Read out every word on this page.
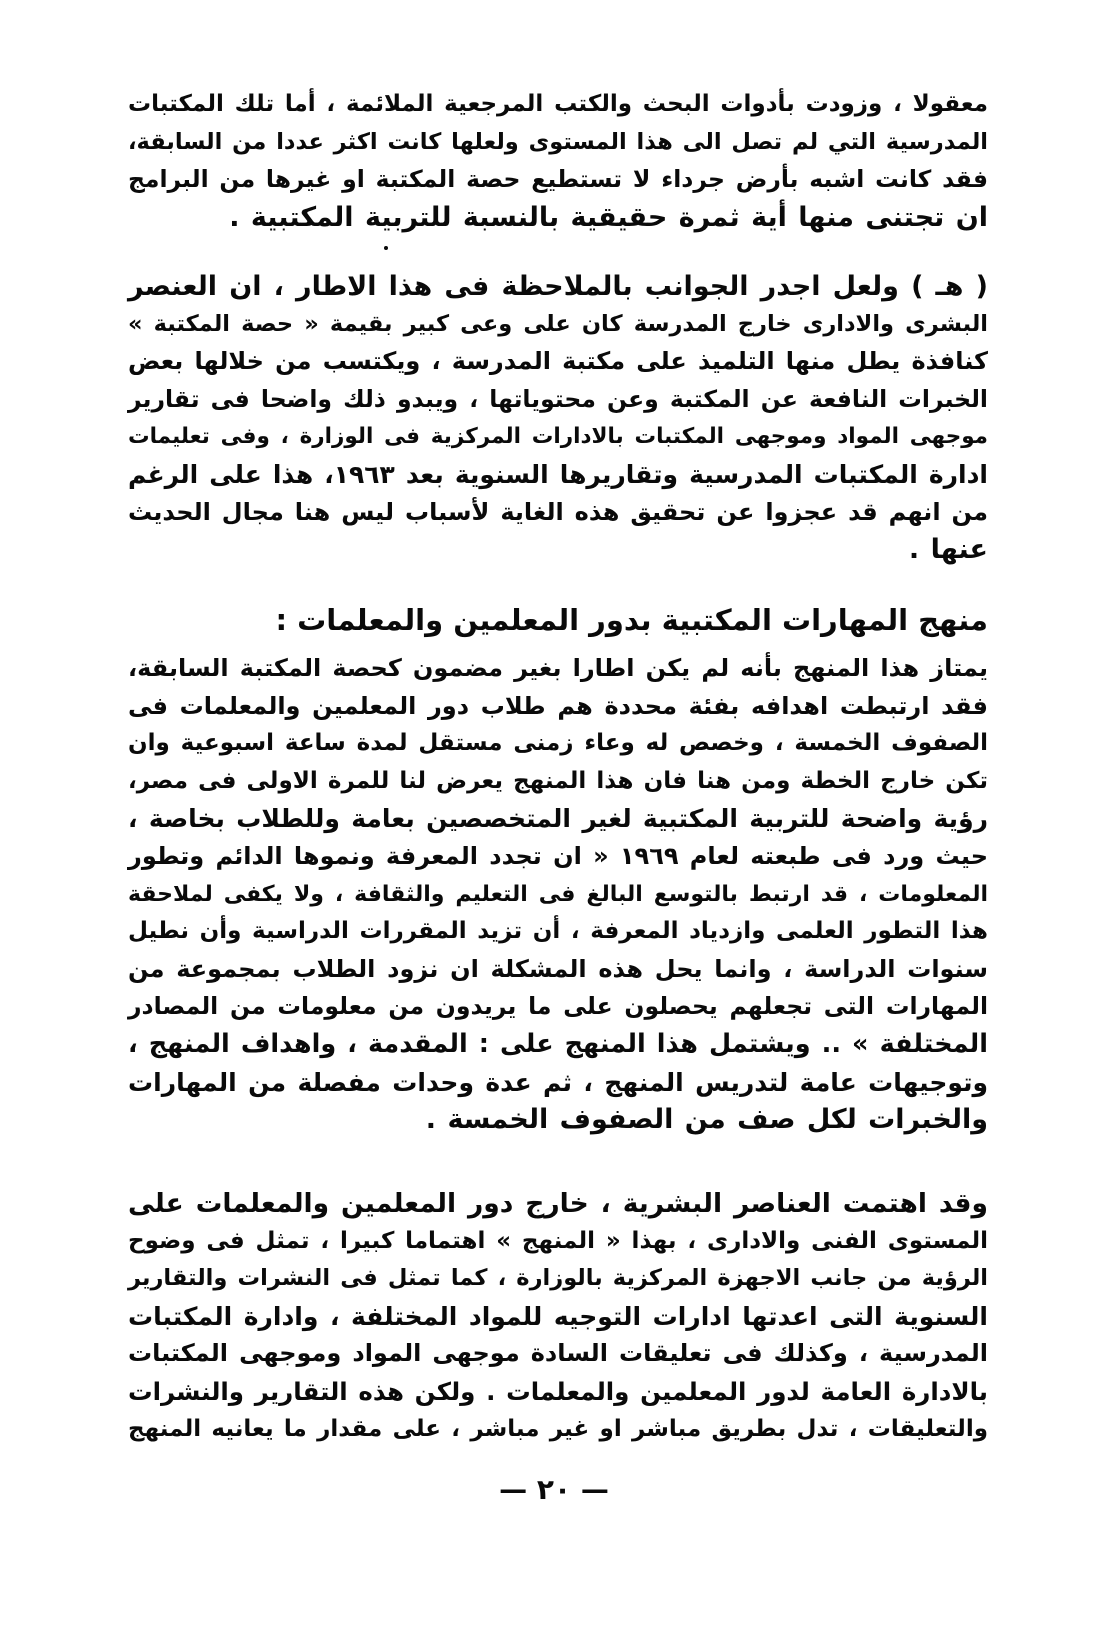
معقولا ، وزودت بأدوات البحث والكتب المرجعية الملائمة ، أما تلك المكتبات
المدرسية التي لم تصل الى هذا المستوى ولعلها كانت اكثر عددا من السابقة،
فقد كانت اشبه بأرض جرداء لا تستطيع حصة المكتبة او غيرها من البرامج
ان تجتنى منها أية ثمرة حقيقية بالنسبة للتربية المكتبية .
( هـ ) ولعل اجدر الجوانب بالملاحظة فى هذا الاطار ، ان العنصر
البشرى والادارى خارج المدرسة كان على وعى كبير بقيمة « حصة المكتبة »
كنافذة يطل منها التلميذ على مكتبة المدرسة ، ويكتسب من خلالها بعض
الخبرات النافعة عن المكتبة وعن محتوياتها ، ويبدو ذلك واضحا فى تقارير
موجهى المواد وموجهى المكتبات بالادارات المركزية فى الوزارة ، وفى تعليمات
ادارة المكتبات المدرسية وتقاريرها السنوية بعد ١٩٦٣، هذا على الرغم
من انهم قد عجزوا عن تحقيق هذه الغاية لأسباب ليس هنا مجال الحديث
عنها .
منهج المهارات المكتبية بدور المعلمين والمعلمات :
يمتاز هذا المنهج بأنه لم يكن اطارا بغير مضمون كحصة المكتبة السابقة،
فقد ارتبطت اهدافه بفئة محددة هم طلاب دور المعلمين والمعلمات فى
الصفوف الخمسة ، وخصص له وعاء زمنى مستقل لمدة ساعة اسبوعية وان
تكن خارج الخطة ومن هنا فان هذا المنهج يعرض لنا للمرة الاولى فى مصر،
رؤية واضحة للتربية المكتبية لغير المتخصصين بعامة وللطلاب بخاصة ،
حيث ورد فى طبعته لعام ١٩٦٩ « ان تجدد المعرفة ونموها الدائم وتطور
المعلومات ، قد ارتبط بالتوسع البالغ فى التعليم والثقافة ، ولا يكفى لملاحقة
هذا التطور العلمى وازدياد المعرفة ، أن تزيد المقررات الدراسية وأن نطيل
سنوات الدراسة ، وانما يحل هذه المشكلة ان نزود الطلاب بمجموعة من
المهارات التى تجعلهم يحصلون على ما يريدون من معلومات من المصادر
المختلفة » .. ويشتمل هذا المنهج على : المقدمة ، واهداف المنهج ،
وتوجيهات عامة لتدريس المنهج ، ثم عدة وحدات مفصلة من المهارات
والخبرات لكل صف من الصفوف الخمسة .
وقد اهتمت العناصر البشرية ، خارج دور المعلمين والمعلمات على
المستوى الفنى والادارى ، بهذا « المنهج » اهتماما كبيرا ، تمثل فى وضوح
الرؤية من جانب الاجهزة المركزية بالوزارة ، كما تمثل فى النشرات والتقارير
السنوية التى اعدتها ادارات التوجيه للمواد المختلفة ، وادارة المكتبات
المدرسية ، وكذلك فى تعليقات السادة موجهى المواد وموجهى المكتبات
بالادارة العامة لدور المعلمين والمعلمات . ولكن هذه التقارير والنشرات
والتعليقات ، تدل بطريق مباشر او غير مباشر ، على مقدار ما يعانيه المنهج
— ٢٠ —
